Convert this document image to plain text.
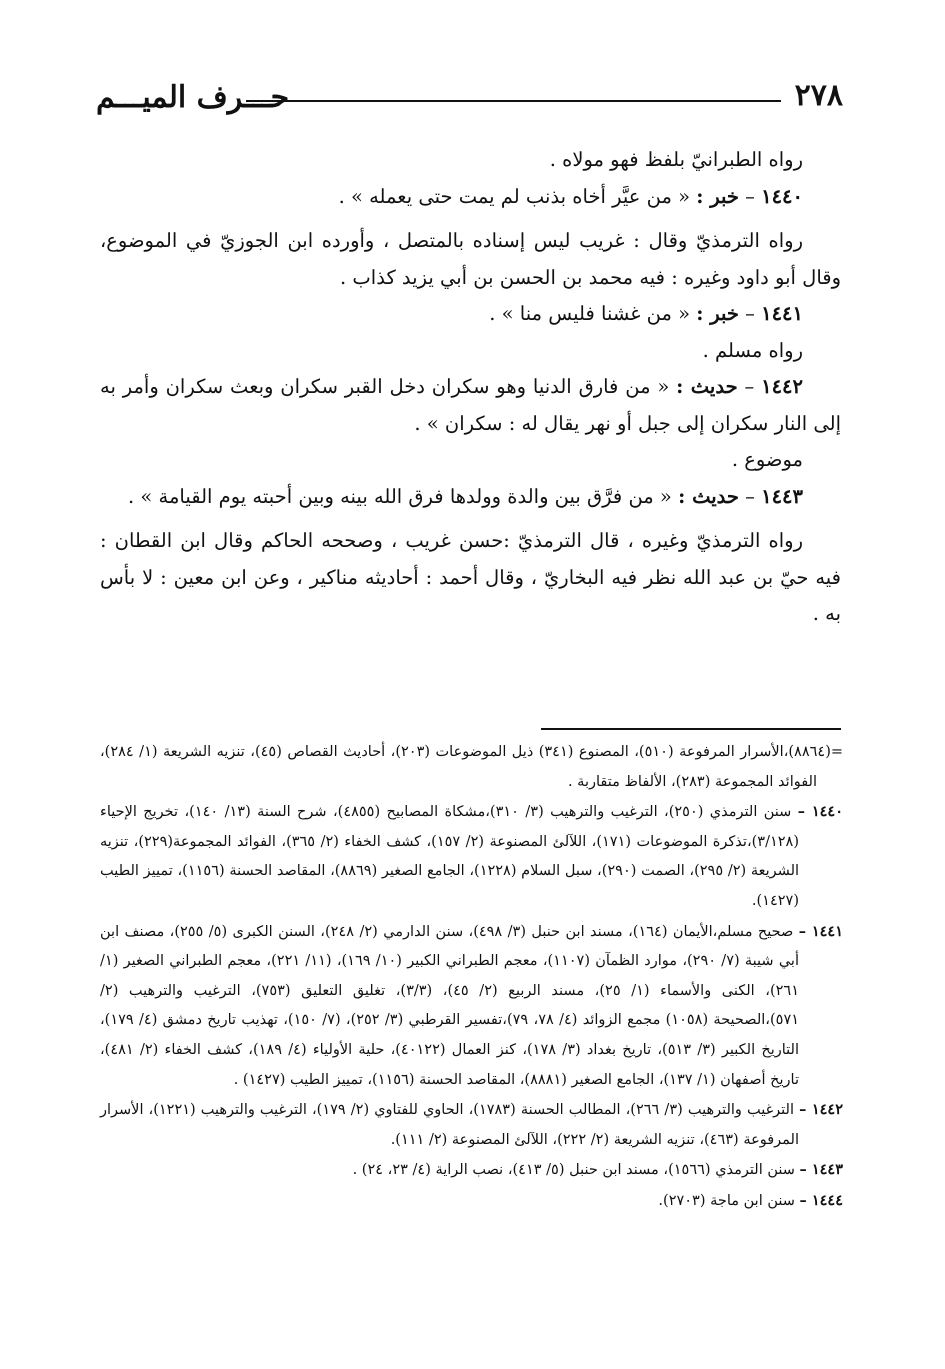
٢٧٨
حـــرف الميـــم

رواه الطبرانيّ بلفظ فهو مولاه .

١٤٤٠ – خبر : « من عيَّر أخاه بذنب لم يمت حتى يعمله » .

رواه الترمذيّ وقال : غريب ليس إسناده بالمتصل ، وأورده ابن الجوزيّ في الموضوع، وقال أبو داود وغيره : فيه محمد بن الحسن بن أبي يزيد كذاب .

١٤٤١ – خبر : « من غشنا فليس منا » .

رواه مسلم .

١٤٤٢ – حديث : « من فارق الدنيا وهو سكران دخل القبر سكران وبعث سكران وأمر به إلى النار سكران إلى جبل أو نهر يقال له : سكران » .

موضوع .

١٤٤٣ – حديث : « من فرَّق بين والدة وولدها فرق الله بينه وبين أحبته يوم القيامة » .

رواه الترمذيّ وغيره ، قال الترمذيّ :حسن غريب ، وصححه الحاكم وقال ابن القطان : فيه حيّ بن عبد الله نظر فيه البخاريّ ، وقال أحمد : أحاديثه مناكير ، وعن ابن معين : لا بأس به .

=(٨٨٦٤)،الأسرار المرفوعة (٥١٠)، المصنوع (٣٤١) ذيل الموضوعات (٢٠٣)، أحاديث القصاص (٤٥)، تنزيه الشريعة (١/ ٢٨٤)، الفوائد المجموعة (٢٨٣)، الألفاظ متقاربة .

١٤٤٠ – سنن الترمذي (٢٥٠)، الترغيب والترهيب (٣/ ٣١٠)،مشكاة المصابيح (٤٨٥٥)، شرح السنة (١٣/ ١٤٠)، تخريج الإحياء (٣/١٢٨)،تذكرة الموضوعات (١٧١)، اللآلئ المصنوعة (٢/ ١٥٧)، كشف الخفاء (٢/ ٣٦٥)، الفوائد المجموعة(٢٢٩)، تنزيه الشريعة (٢/ ٢٩٥)، الصمت (٢٩٠)، سبل السلام (١٢٢٨)، الجامع الصغير (٨٨٦٩)، المقاصد الحسنة (١١٥٦)، تمييز الطيب (١٤٢٧).

١٤٤١ – صحيح مسلم،الأيمان (١٦٤)، مسند ابن حنبل (٣/ ٤٩٨)، سنن الدارمي (٢/ ٢٤٨)، السنن الكبرى (٥/ ٢٥٥)، مصنف ابن أبي شيبة (٧/ ٢٩٠)، موارد الظمآن (١١٠٧)، معجم الطبراني الكبير (١٠/ ١٦٩)، (١١/ ٢٢١)، معجم الطبراني الصغير (١/ ٢٦١)، الكنى والأسماء (١/ ٢٥)، مسند الربيع (٢/ ٤٥)، (٣/٣)، تغليق التعليق (٧٥٣)، الترغيب والترهيب (٢/ ٥٧١)،الصحيحة (١٠٥٨) مجمع الزوائد (٤/ ٧٨، ٧٩)،تفسير القرطبي (٣/ ٢٥٢)، (٧/ ١٥٠)، تهذيب تاريخ دمشق (٤/ ١٧٩)، التاريخ الكبير (٣/ ٥١٣)، تاريخ بغداد (٣/ ١٧٨)، كنز العمال (٤٠١٢٢)، حلية الأولياء (٤/ ١٨٩)، كشف الخفاء (٢/ ٤٨١)، تاريخ أصفهان (١/ ١٣٧)، الجامع الصغير (٨٨٨١)، المقاصد الحسنة (١١٥٦)، تمييز الطيب (١٤٢٧) .

١٤٤٢ – الترغيب والترهيب (٣/ ٢٦٦)، المطالب الحسنة (١٧٨٣)، الحاوي للفتاوي (٢/ ١٧٩)، الترغيب والترهيب (١٢٢١)، الأسرار المرفوعة (٤٦٣)، تنزيه الشريعة (٢/ ٢٢٢)، اللآلئ المصنوعة (٢/ ١١١).

١٤٤٣ – سنن الترمذي (١٥٦٦)، مسند ابن حنبل (٥/ ٤١٣)، نصب الراية (٤/ ٢٣، ٢٤) .

١٤٤٤ – سنن ابن ماجة (٢٧٠٣).
